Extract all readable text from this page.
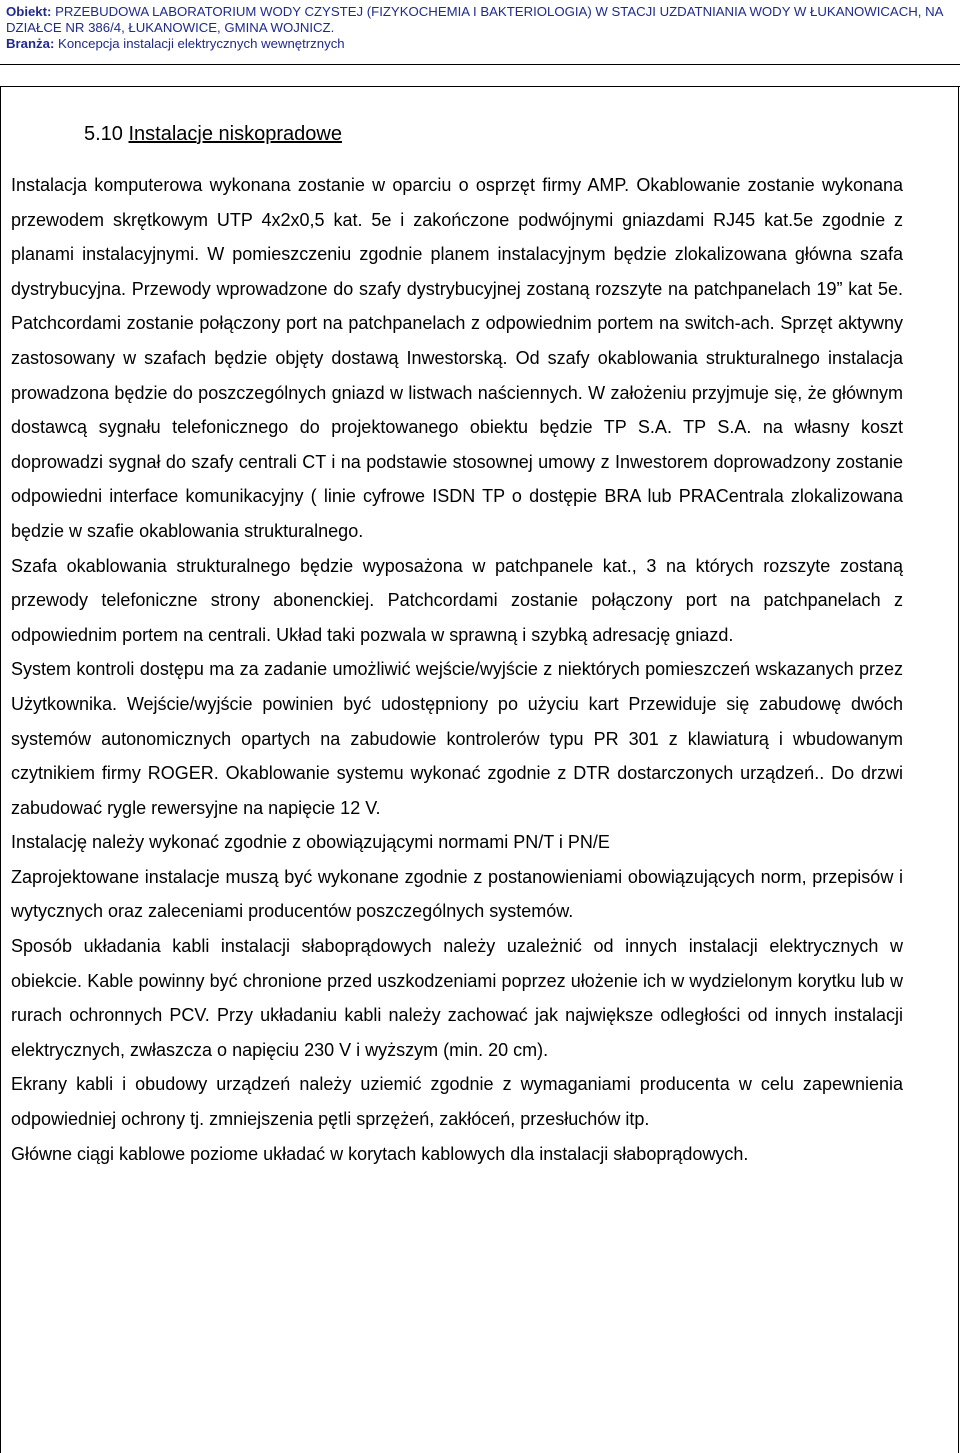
Obiekt: PRZEBUDOWA LABORATORIUM WODY CZYSTEJ (FIZYKOCHEMIA I BAKTERIOLOGIA) W STACJI UZDATNIANIA WODY W ŁUKANOWICACH, NA DZIAŁCE NR 386/4, ŁUKANOWICE, GMINA WOJNICZ.
Branża: Koncepcja instalacji elektrycznych wewnętrznych
5.10 Instalacje niskopradowe

Instalacja komputerowa wykonana zostanie w oparciu o osprzęt firmy AMP. Okablowanie zostanie wykonana przewodem skrętkowym UTP 4x2x0,5 kat. 5e i zakończone podwójnymi gniazdami RJ45 kat.5e zgodnie z planami instalacyjnymi. W pomieszczeniu zgodnie planem instalacyjnym będzie zlokalizowana główna szafa dystrybucyjna. Przewody wprowadzone do szafy dystrybucyjnej zostaną rozszyte na patchpanelach 19” kat 5e. Patchcordami zostanie połączony port na patchpanelach z odpowiednim portem na switch-ach. Sprzęt aktywny zastosowany w szafach będzie objęty dostawą Inwestorską. Od szafy okablowania strukturalnego instalacja prowadzona będzie do poszczególnych gniazd w listwach naściennych. W założeniu przyjmuje się, że głównym dostawcą sygnału telefonicznego do projektowanego obiektu będzie TP S.A. TP S.A. na własny koszt doprowadzi sygnał do szafy centrali CT i na podstawie stosownej umowy z Inwestorem doprowadzony zostanie odpowiedni interface komunikacyjny ( linie cyfrowe ISDN TP o dostępie BRA lub PRACentrala zlokalizowana będzie w szafie okablowania strukturalnego.

Szafa okablowania strukturalnego będzie wyposażona w patchpanele kat., 3 na których rozszyte zostaną przewody telefoniczne strony abonenckiej. Patchcordami zostanie połączony port na patchpanelach z odpowiednim portem na centrali. Układ taki pozwala w sprawną i szybką adresację gniazd.

System kontroli dostępu ma za zadanie umożliwić wejście/wyjście z niektórych pomieszczeń wskazanych przez Użytkownika. Wejście/wyjście powinien być udostępniony po użyciu kart Przewiduje się zabudowę dwóch systemów autonomicznych opartych na zabudowie kontrolerów typu PR 301 z klawiaturą i wbudowanym czytnikiem firmy ROGER. Okablowanie systemu wykonać zgodnie z DTR dostarczonych urządzeń.. Do drzwi zabudować rygle rewersyjne na napięcie 12 V.

Instalację należy wykonać zgodnie z obowiązującymi normami PN/T i PN/E

Zaprojektowane instalacje muszą być wykonane zgodnie z postanowieniami obowiązujących norm, przepisów i wytycznych oraz zaleceniami producentów poszczególnych systemów.

Sposób układania kabli instalacji słaboprądowych należy uzależnić od innych instalacji elektrycznych w obiekcie. Kable powinny być chronione przed uszkodzeniami poprzez ułożenie ich w wydzielonym korytku lub w rurach ochronnych PCV. Przy układaniu kabli należy zachować jak największe odległości od innych instalacji elektrycznych, zwłaszcza o napięciu 230 V i wyższym (min. 20 cm).

Ekrany kabli i obudowy urządzeń należy uziemić zgodnie z wymaganiami producenta w celu zapewnienia odpowiedniej ochrony tj. zmniejszenia pętli sprzężeń, zakłóceń, przesłuchów itp.

Główne ciągi kablowe poziome układać w korytach kablowych dla instalacji słaboprądowych.
